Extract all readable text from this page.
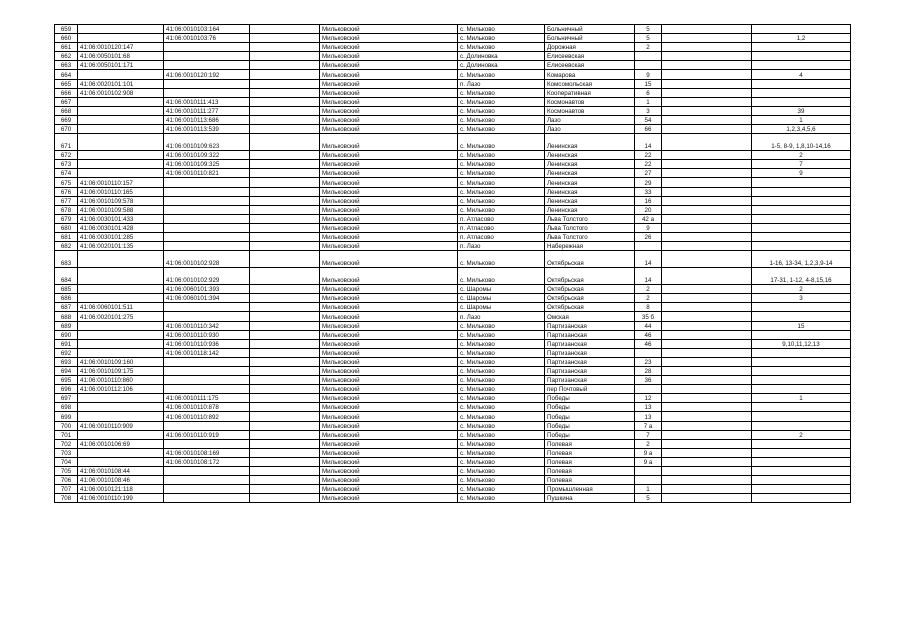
659		41:06:0010103:164		Мильковский	с. Мильково	Больничный	5		
660		41:06:0010103:76		Мильковский	с. Мильково	Больничный	5		1,2
661	41:06:0010120:147			Мильковский	с. Мильково	Дорожная	2		
662	41:06:0050101:68			Мильковский	с. Долиновка	Елисеевская			
663	41:06:0050101:171			Мильковский	с. Долиновка	Елисеевская			
664		41:06:0010120:192		Мильковский	с. Мильково	Комарова	9		4
665	41:06:0020101:101			Мильковский	п. Лазо	Комсомольская	15		
666	41:06:0010102:908			Мильковский	с. Мильково	Кооперативная	6		
667		41:06:0010111:413		Мильковский	с. Мильково	Космонавтов	1		
668		41:06:0010111:277		Мильковский	с. Мильково	Космонавтов	3		39
669		41:06:0010113:686		Мильковский	с. Мильково	Лазо	54		1
670		41:06:0010113:539		Мильковский	с. Мильково	Лазо	66		1,2,3,4,5,6
671		41:06:0010109:623		Мильковский	с. Мильково	Ленинская	14		1-5, 8-9, 1,8,10-14,16
672		41:06:0010109:322		Мильковский	с. Мильково	Ленинская	22		2
673		41:06:0010109:325		Мильковский	с. Мильково	Ленинская	22		7
674		41:06:0010110:821		Мильковский	с. Мильково	Ленинская	27		9
675	41:06:0010110:157			Мильковский	с. Мильково	Ленинская	29		
676	41:06:0010110:165			Мильковский	с. Мильково	Ленинская	33		
677	41:06:0010109:578			Мильковский	с. Мильково	Ленинская	16		
678	41:06:0010109:588			Мильковский	с. Мильково	Ленинская	20		
679	41:06:0030101:433			Мильковский	п. Атласово	Льва Толстого	42 а		
680	41:06:0030101:428			Мильковский	п. Атласово	Льва Толстого	9		
681	41:06:0030101:285			Мильковский	п. Атласово	Льва Толстого	26		
682	41:06:0020101:135			Мильковский	п. Лазо	Набережная			
683		41:06:0010102:928		Мильковский	с. Мильково	Октябрьская	14		1-16, 13-34, 1,2,3,9-14
684		41:06:0010102:929		Мильковский	с. Мильково	Октябрьская	14		17-31, 1-12, 4-8,15,16
685		41:06:0060101:393		Мильковский	с. Шаромы	Октябрьская	2		2
686		41:06:0060101:394		Мильковский	с. Шаромы	Октябрьская	2		3
687	41:06:0060101:511			Мильковский	с. Шаромы	Октябрьская	8		
688	41:06:0020101:275			Мильковский	п. Лазо	Омская	35 б		
689		41:06:0010110:342		Мильковский	с. Мильково	Партизанская	44		15
690		41:06:0010110:930		Мильковский	с. Мильково	Партизанская	46		
691		41:06:0010110:936		Мильковский	с. Мильково	Партизанская	46		9,10,11,12,13
692		41:06:0010118:142		Мильковский	с. Мильково	Партизанская			
693	41:06:0010109:160			Мильковский	с. Мильково	Партизанская	23		
694	41:06:0010109:175			Мильковский	с. Мильково	Партизанская	28		
695	41:06:0010110:860			Мильковский	с. Мильково	Партизанская	36		
696	41:06:0010112:106			Мильковский	с. Мильково	пер Почтовый			
697		41:06:0010111:175		Мильковский	с. Мильково	Победы	12		1
698		41:06:0010110:878		Мильковский	с. Мильково	Победы	13		
699		41:06:0010110:892		Мильковский	с. Мильково	Победы	13		
700	41:06:0010110:909			Мильковский	с. Мильково	Победы	7 а		
701		41:06:0010110:919		Мильковский	с. Мильково	Победы	7		2
702	41:06:0010106:69			Мильковский	с. Мильково	Полевая	2		
703		41:06:0010108:169		Мильковский	с. Мильково	Полевая	9 а		
704		41:06:0010108:172		Мильковский	с. Мильково	Полевая	9 а		
705	41:06:0010108:44			Мильковский	с. Мильково	Полевая			
706	41:06:0010108:46			Мильковский	с. Мильково	Полевая			
707	41:06:0010121:118			Мильковский	с. Мильково	Промышленная	1		
708	41:06:0010110:199			Мильковский	с. Мильково	Пушкина	5		
